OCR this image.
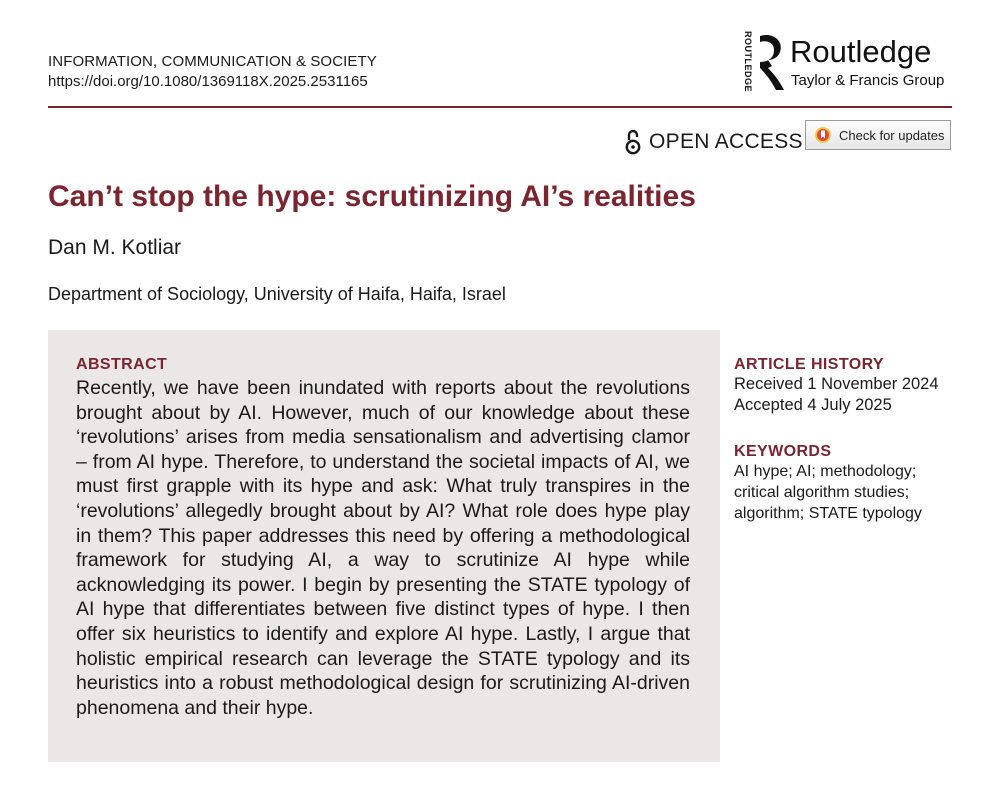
INFORMATION, COMMUNICATION & SOCIETY
https://doi.org/10.1080/1369118X.2025.2531165	ROUTLEDGE Routledge
Taylor & Francis Group
OPEN ACCESS	Check for updates
Can’t stop the hype: scrutinizing AI’s realities
Dan M. Kotliar
Department of Sociology, University of Haifa, Haifa, Israel
ABSTRACT

Recently, we have been inundated with reports about the revolutions brought about by AI. However, much of our knowledge about these ‘revolutions’ arises from media sensationalism and advertising clamor – from AI hype. Therefore, to understand the societal impacts of AI, we must first grapple with its hype and ask: What truly transpires in the ‘revolutions’ allegedly brought about by AI? What role does hype play in them? This paper addresses this need by offering a methodological framework for studying AI, a way to scrutinize AI hype while acknowledging its power. I begin by presenting the STATE typology of AI hype that differentiates between five distinct types of hype. I then offer six heuristics to identify and explore AI hype. Lastly, I argue that holistic empirical research can leverage the STATE typology and its heuristics into a robust methodological design for scrutinizing AI-driven phenomena and their hype.

ARTICLE HISTORY
Received 1 November 2024
Accepted 4 July 2025
KEYWORDS
AI hype; AI; methodology;
critical algorithm studies;
algorithm; STATE typology
